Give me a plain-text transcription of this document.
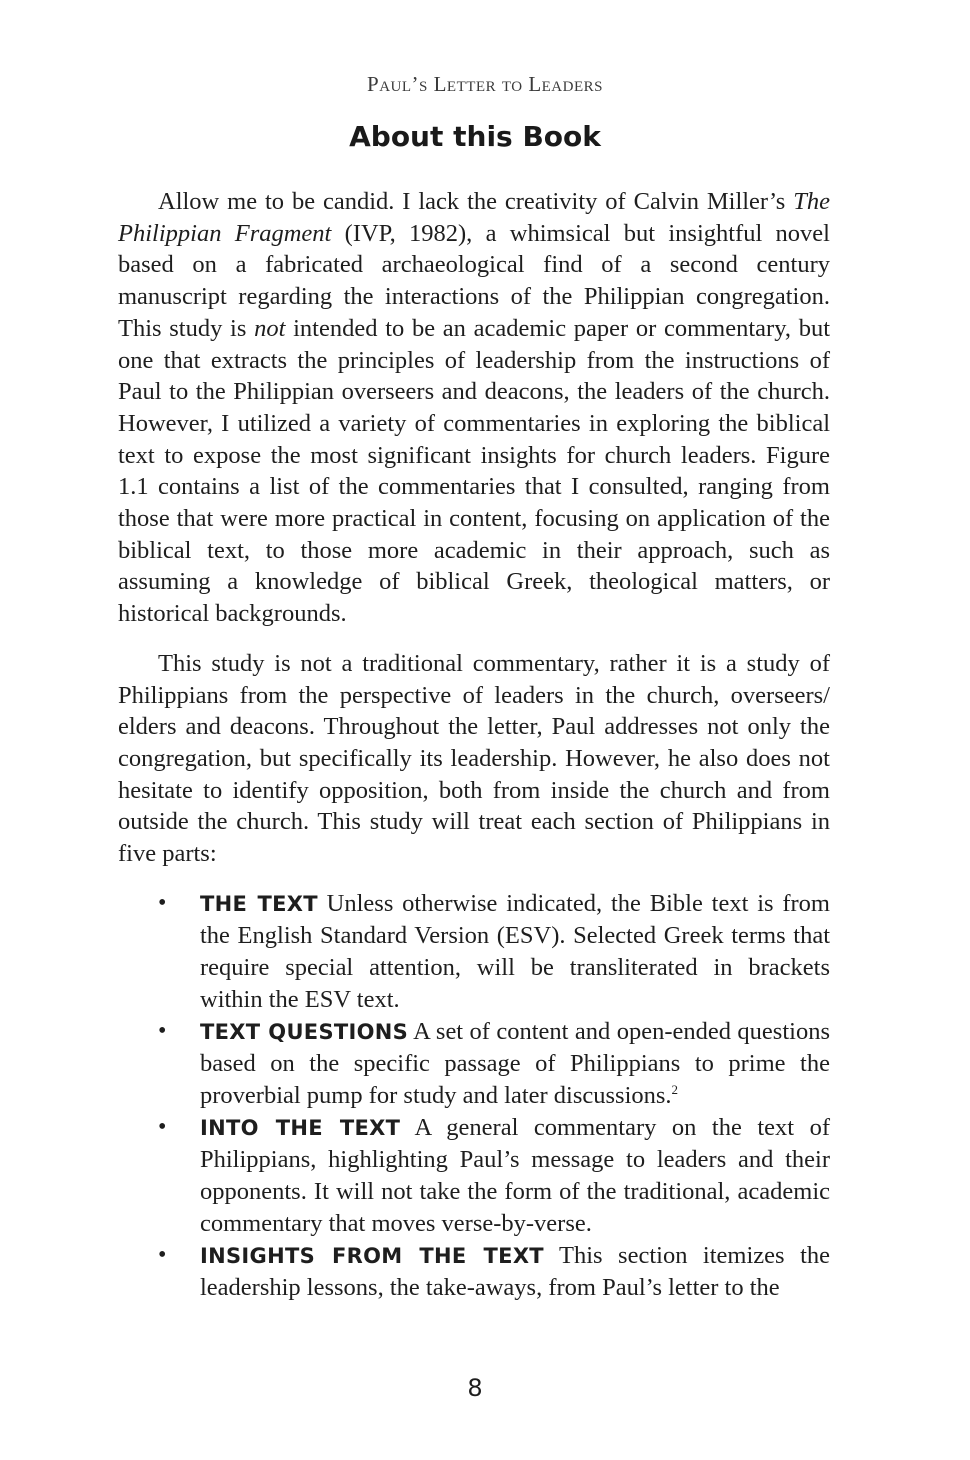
Paul’s Letter to Leaders
About this Book

Allow me to be candid. I lack the creativity of Calvin Miller’s The Philippian Fragment (IVP, 1982), a whimsical but insightful novel based on a fabricated archaeological find of a second century manuscript regarding the interactions of the Philippian congregation. This study is not intended to be an academic paper or commentary, but one that extracts the principles of leadership from the instructions of Paul to the Philippian overseers and deacons, the leaders of the church. However, I utilized a variety of commentaries in exploring the biblical text to expose the most significant insights for church leaders. Figure 1.1 contains a list of the commentaries that I consulted, ranging from those that were more practical in content, focusing on application of the biblical text, to those more academic in their approach, such as assuming a knowledge of biblical Greek, theological matters, or historical backgrounds.

This study is not a traditional commentary, rather it is a study of Philippians from the perspective of leaders in the church, overseers/ elders and deacons. Throughout the letter, Paul addresses not only the congregation, but specifically its leadership. However, he also does not hesitate to identify opposition, both from inside the church and from outside the church. This study will treat each section of Philippians in five parts:

• THE TEXT Unless otherwise indicated, the Bible text is from the English Standard Version (ESV). Selected Greek terms that require special attention, will be transliterated in brackets within the ESV text.
• TEXT QUESTIONS A set of content and open-ended questions based on the specific passage of Philippians to prime the proverbial pump for study and later discussions.$^2$
• INTO THE TEXT A general commentary on the text of Philippians, highlighting Paul’s message to leaders and their opponents. It will not take the form of the traditional, academic commentary that moves verse-by-verse.
• INSIGHTS FROM THE TEXT This section itemizes the leadership lessons, the take-aways, from Paul’s letter to the
8
